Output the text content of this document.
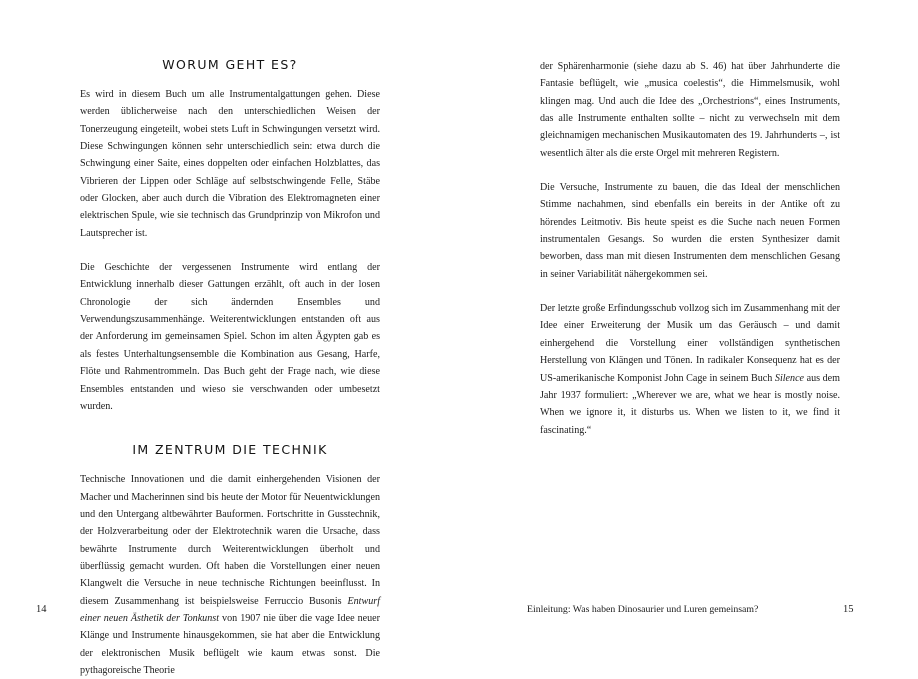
WORUM GEHT ES?

Es wird in diesem Buch um alle Instrumentalgattungen gehen. Diese werden üblicherweise nach den unterschiedlichen Weisen der Tonerzeugung eingeteilt, wobei stets Luft in Schwingungen versetzt wird. Diese Schwingungen können sehr unterschiedlich sein: etwa durch die Schwingung einer Saite, eines doppelten oder einfachen Holzblattes, das Vibrieren der Lippen oder Schläge auf selbstschwingende Felle, Stäbe oder Glocken, aber auch durch die Vibration des Elektromagneten einer elektrischen Spule, wie sie technisch das Grundprinzip von Mikrofon und Lautsprecher ist.

Die Geschichte der vergessenen Instrumente wird entlang der Entwicklung innerhalb dieser Gattungen erzählt, oft auch in der losen Chronologie der sich ändernden Ensembles und Verwendungszusammenhänge. Weiterentwicklungen entstanden oft aus der Anforderung im gemeinsamen Spiel. Schon im alten Ägypten gab es als festes Unterhaltungsensemble die Kombination aus Gesang, Harfe, Flöte und Rahmentrommeln. Das Buch geht der Frage nach, wie diese Ensembles entstanden und wieso sie verschwanden oder umbesetzt wurden.

IM ZENTRUM DIE TECHNIK

Technische Innovationen und die damit einhergehenden Visionen der Macher und Macherinnen sind bis heute der Motor für Neuentwicklungen und den Untergang altbewährter Bauformen. Fortschritte in Gusstechnik, der Holzverarbeitung oder der Elektrotechnik waren die Ursache, dass bewährte Instrumente durch Weiterentwicklungen überholt und überflüssig gemacht wurden. Oft haben die Vorstellungen einer neuen Klangwelt die Versuche in neue technische Richtungen beeinflusst. In diesem Zusammenhang ist beispielsweise Ferruccio Busonis Entwurf einer neuen Ästhetik der Tonkunst von 1907 nie über die vage Idee neuer Klänge und Instrumente hinausgekommen, sie hat aber die Entwicklung der elektronischen Musik beflügelt wie kaum etwas sonst. Die pythagoreische Theorie

14

der Sphärenharmonie (siehe dazu ab S. 46) hat über Jahrhunderte die Fantasie beflügelt, wie „musica coelestis“, die Himmelsmusik, wohl klingen mag. Und auch die Idee des „Orchestrions“, eines Instruments, das alle Instrumente enthalten sollte – nicht zu verwechseln mit dem gleichnamigen mechanischen Musikautomaten des 19. Jahrhunderts –, ist wesentlich älter als die erste Orgel mit mehreren Registern.

Die Versuche, Instrumente zu bauen, die das Ideal der menschlichen Stimme nachahmen, sind ebenfalls ein bereits in der Antike oft zu hörendes Leitmotiv. Bis heute speist es die Suche nach neuen Formen instrumentalen Gesangs. So wurden die ersten Synthesizer damit beworben, dass man mit diesen Instrumenten dem menschlichen Gesang in seiner Variabilität nähergekommen sei.

Der letzte große Erfindungsschub vollzog sich im Zusammenhang mit der Idee einer Erweiterung der Musik um das Geräusch – und damit einhergehend die Vorstellung einer vollständigen synthetischen Herstellung von Klängen und Tönen. In radikaler Konsequenz hat es der US-amerikanische Komponist John Cage in seinem Buch Silence aus dem Jahr 1937 formuliert: „Wherever we are, what we hear is mostly noise. When we ignore it, it disturbs us. When we listen to it, we find it fascinating.“

Einleitung: Was haben Dinosaurier und Luren gemeinsam?	15
